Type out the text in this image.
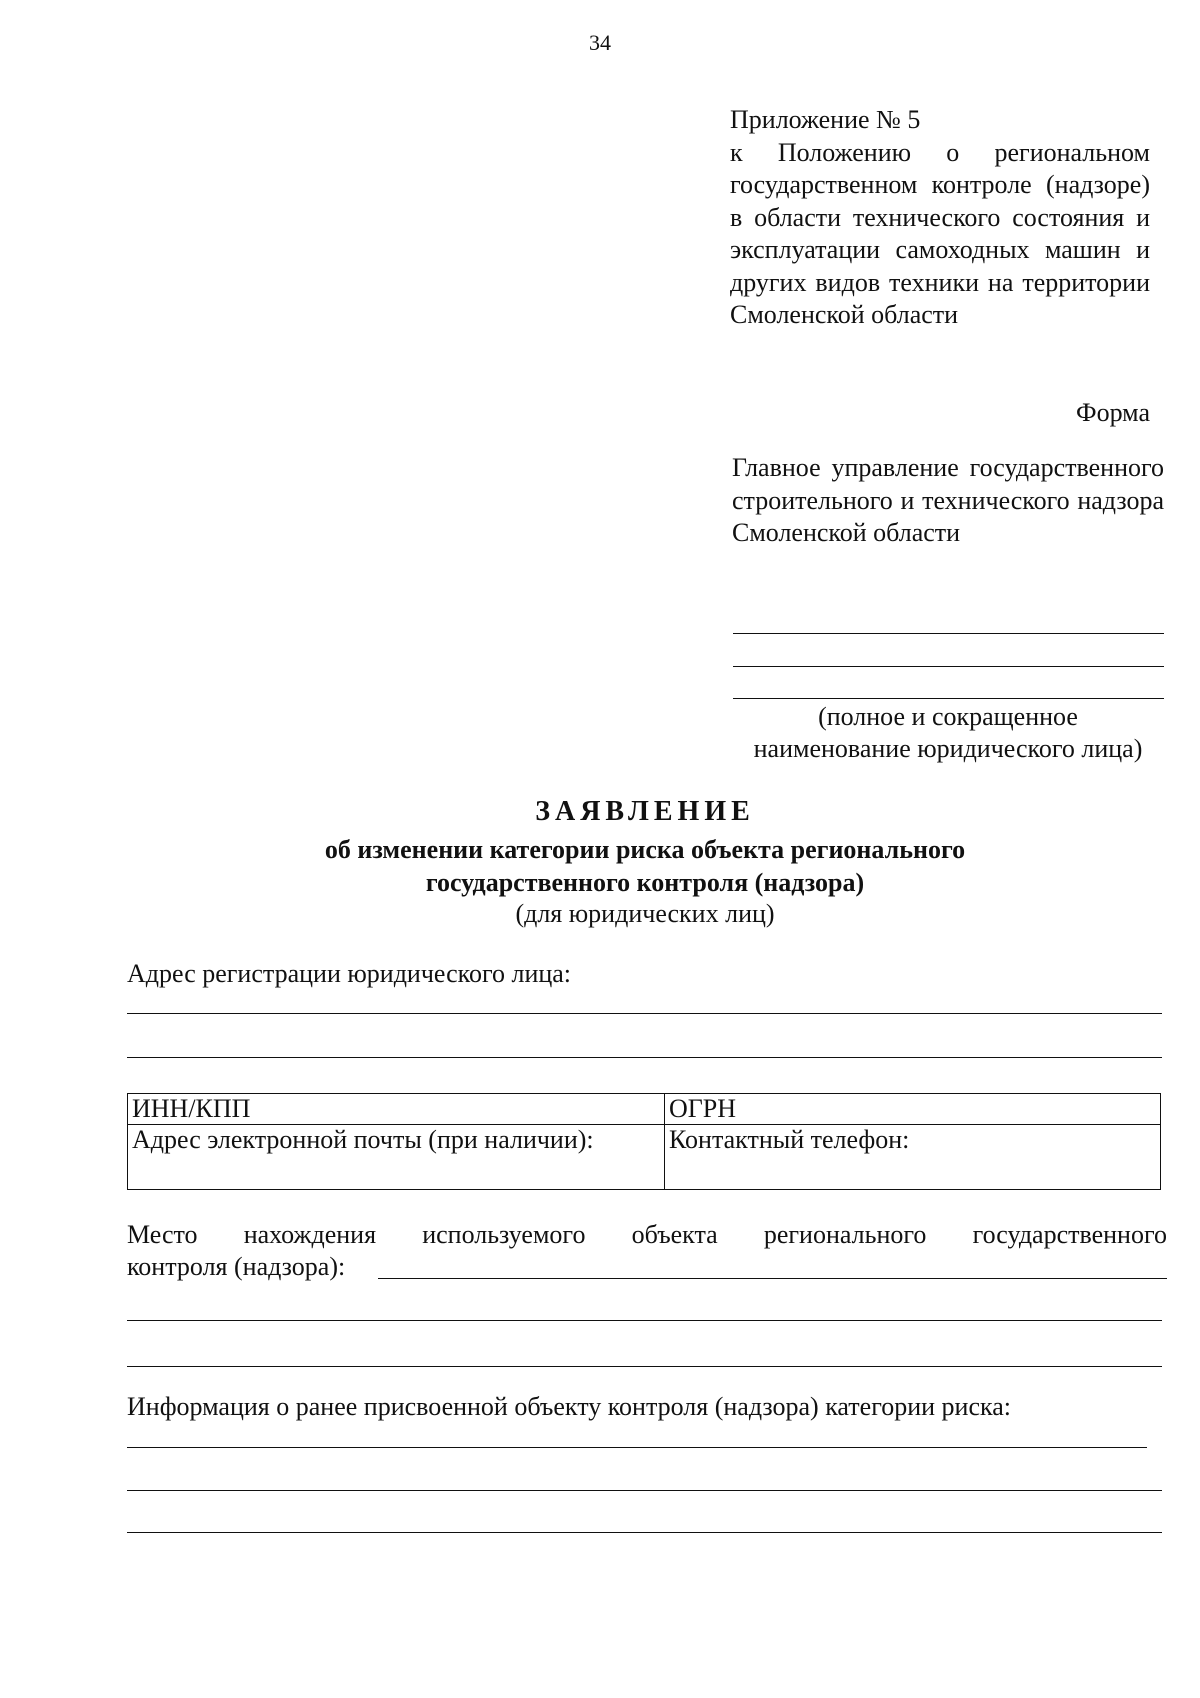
34
Приложение № 5
к Положению о региональном государственном контроле (надзоре) в области технического состояния и эксплуатации самоходных машин и других видов техники на территории Смоленской области
Форма
Главное управление государственного строительного и технического надзора Смоленской области
(полное и сокращенное
наименование юридического лица)
ЗАЯВЛЕНИЕ
об изменении категории риска объекта регионального
государственного контроля (надзора)
(для юридических лиц)
Адрес регистрации юридического лица:
ИНН/КПП	ОГРН
Адрес электронной почты (при наличии):	Контактный телефон:
Место нахождения используемого объекта регионального государственного
контроля (надзора):
Информация о ранее присвоенной объекту контроля (надзора) категории риска:
